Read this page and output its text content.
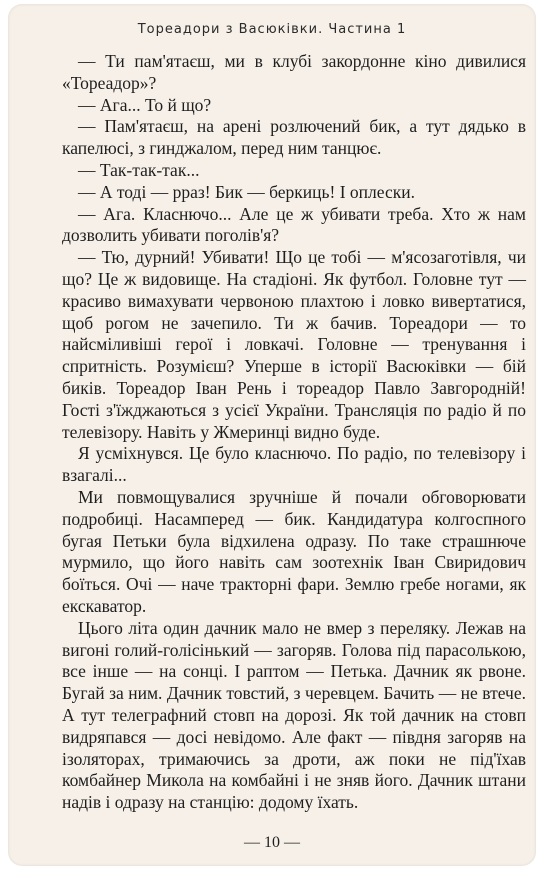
Тореадори з Васюківки. Частина 1

— Ти пам'ятаєш, ми в клубі закордонне кіно дивилися «Тореадор»?

— Ага... То й що?

— Пам'ятаєш, на арені розлючений бик, а тут дядько в капелюсі, з гинджалом, перед ним танцює.

— Так-так-так...

— А тоді — рраз! Бик — беркиць! І оплески.

— Ага. Класнючо... Але це ж убивати треба. Хто ж нам дозволить убивати поголів'я?

— Тю, дурний! Убивати! Що це тобі — м'ясозаготівля, чи що? Це ж видовище. На стадіоні. Як футбол. Головне тут — красиво вимахувати червоною плахтою і ловко вивертатися, щоб рогом не зачепило. Ти ж бачив. Тореадори — то найсміливіші герої і ловкачі. Головне — тренування і спритність. Розумієш? Уперше в історії Васюківки — бій биків. Тореадор Іван Рень і тореадор Павло Завгородній! Гості з'їжджаються з усієї України. Трансляція по радіо й по телевізору. Навіть у Жмеринці видно буде.

Я усміхнувся. Це було класнючо. По радіо, по телевізору і взагалі...

Ми повмощувалися зручніше й почали обговорювати подробиці. Насамперед — бик. Кандидатура колгоспного бугая Петьки була відхилена одразу. По таке страшнюче мурмило, що його навіть сам зоотехнік Іван Свиридович боїться. Очі — наче тракторні фари. Землю гребе ногами, як екскаватор.

Цього літа один дачник мало не вмер з переляку. Лежав на вигоні голий-голісінький — загоряв. Голова під парасолькою, все інше — на сонці. І раптом — Петька. Дачник як рвоне. Бугай за ним. Дачник товстий, з черевцем. Бачить — не втече. А тут телеграфний стовп на дорозі. Як той дачник на стовп видряпався — досі невідомо. Але факт — півдня загоряв на ізоляторах, тримаючись за дроти, аж поки не під'їхав комбайнер Микола на комбайні і не зняв його. Дачник штани надів і одразу на станцію: додому їхать.

— 10 —
